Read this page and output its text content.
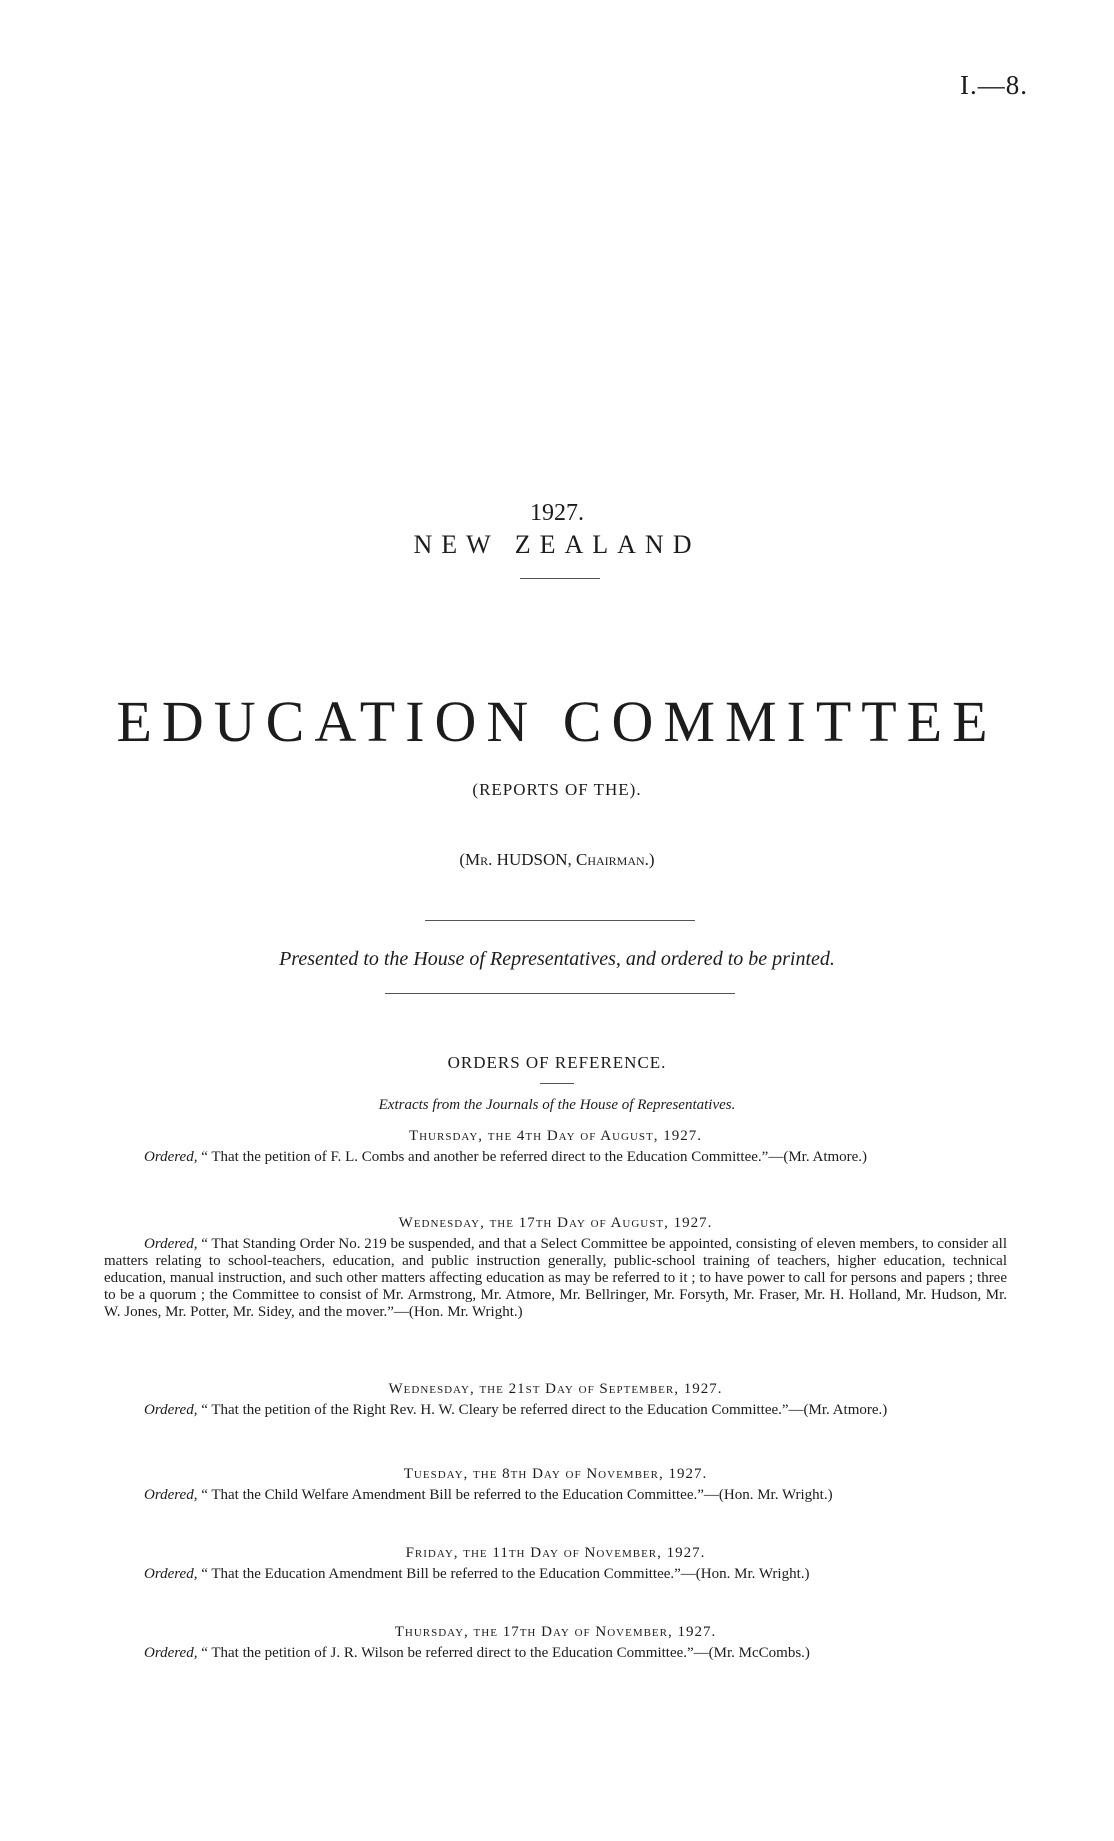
I.—8.
1927.
NEW ZEALAND
EDUCATION COMMITTEE
(REPORTS OF THE).
(Mr. HUDSON, Chairman.)
Presented to the House of Representatives, and ordered to be printed.
ORDERS OF REFERENCE.
Extracts from the Journals of the House of Representatives.
Thursday, the 4th Day of August, 1927.
Ordered, “ That the petition of F. L. Combs and another be referred direct to the Education Committee.”—(Mr. Atmore.)
Wednesday, the 17th Day of August, 1927.
Ordered, “ That Standing Order No. 219 be suspended, and that a Select Committee be appointed, consisting of eleven members, to consider all matters relating to school-teachers, education, and public instruction generally, public-school training of teachers, higher education, technical education, manual instruction, and such other matters affecting education as may be referred to it ; to have power to call for persons and papers ; three to be a quorum ; the Committee to consist of Mr. Armstrong, Mr. Atmore, Mr. Bellringer, Mr. Forsyth, Mr. Fraser, Mr. H. Holland, Mr. Hudson, Mr. W. Jones, Mr. Potter, Mr. Sidey, and the mover.”—(Hon. Mr. Wright.)
Wednesday, the 21st Day of September, 1927.
Ordered, “ That the petition of the Right Rev. H. W. Cleary be referred direct to the Education Committee.”—(Mr. Atmore.)
Tuesday, the 8th Day of November, 1927.
Ordered, “ That the Child Welfare Amendment Bill be referred to the Education Committee.”—(Hon. Mr. Wright.)
Friday, the 11th Day of November, 1927.
Ordered, “ That the Education Amendment Bill be referred to the Education Committee.”—(Hon. Mr. Wright.)
Thursday, the 17th Day of November, 1927.
Ordered, “ That the petition of J. R. Wilson be referred direct to the Education Committee.”—(Mr. McCombs.)
